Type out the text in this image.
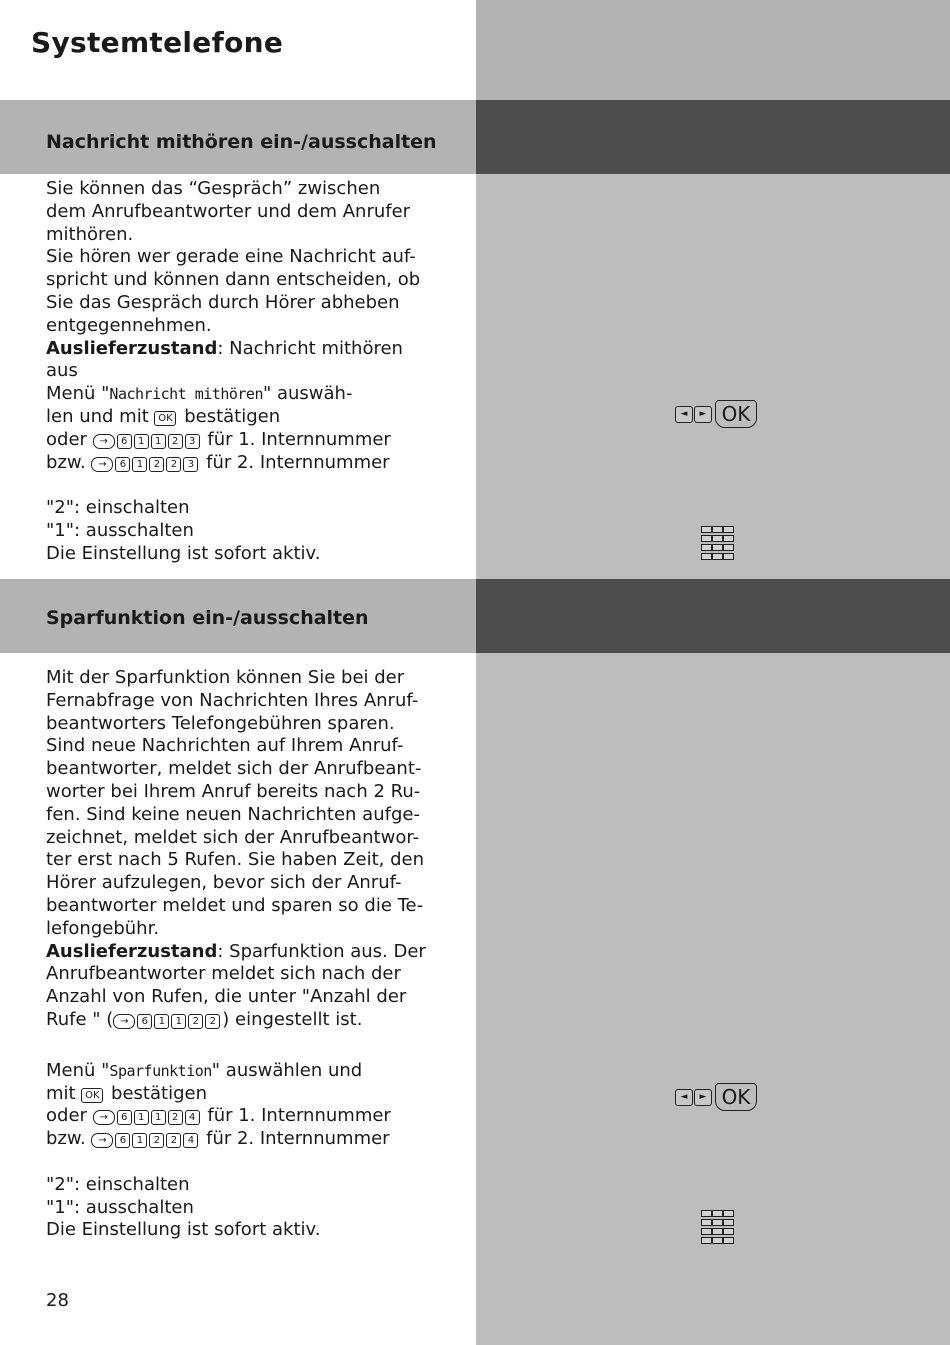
Systemtelefone
Nachricht mithören ein-/ausschalten
Sie können das “Gespräch” zwischen
dem Anrufbeantworter und dem Anrufer
mithören.
Sie hören wer gerade eine Nachricht auf-
spricht und können dann entscheiden, ob
Sie das Gespräch durch Hörer abheben
entgegennehmen.
Auslieferzustand: Nachricht mithören
aus
Menü "Nachricht mithören" auswäh-
len und mit OK bestätigen
oder → 6 1 1 2 3 für 1. Internnummer
bzw. → 6 1 2 2 3 für 2. Internnummer
"2": einschalten
"1": ausschalten
Die Einstellung ist sofort aktiv.
◄	► OK
Sparfunktion ein-/ausschalten
Mit der Sparfunktion können Sie bei der
Fernabfrage von Nachrichten Ihres Anruf-
beantworters Telefongebühren sparen.
Sind neue Nachrichten auf Ihrem Anruf-
beantworter, meldet sich der Anrufbeant-
worter bei Ihrem Anruf bereits nach 2 Ru-
fen. Sind keine neuen Nachrichten aufge-
zeichnet, meldet sich der Anrufbeantwor-
ter erst nach 5 Rufen. Sie haben Zeit, den
Hörer aufzulegen, bevor sich der Anruf-
beantworter meldet und sparen so die Te-
lefongebühr.
Auslieferzustand: Sparfunktion aus. Der
Anrufbeantworter meldet sich nach der
Anzahl von Rufen, die unter "Anzahl der
Rufe " ( → 6 1 1 2 2 ) eingestellt ist.
Menü "Sparfunktion" auswählen und
mit OK bestätigen
oder → 6 1 1 2 4 für 1. Internnummer
bzw. → 6 1 2 2 4 für 2. Internnummer
"2": einschalten
"1": ausschalten
Die Einstellung ist sofort aktiv.
◄	► OK
28
